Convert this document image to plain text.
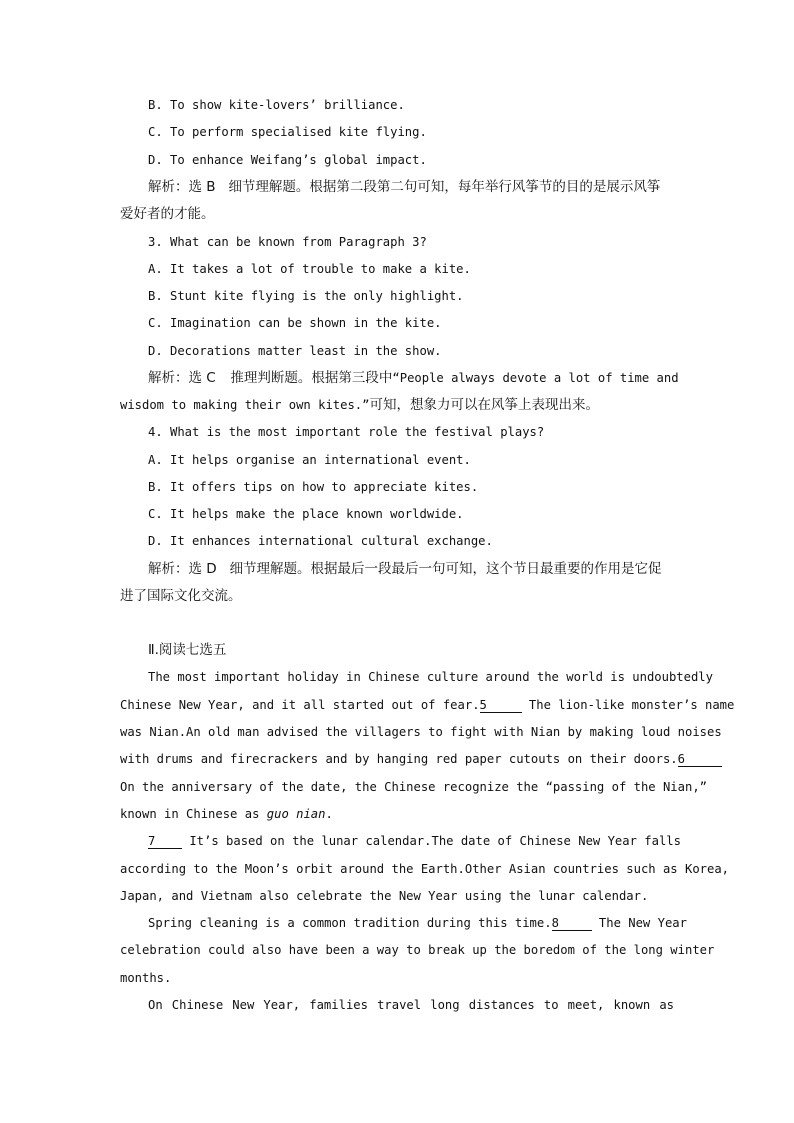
B. To show kite-lovers’ brilliance.
C. To perform specialised kite flying.
D. To enhance Weifang’s global impact.
解析：选 B 细节理解题。根据第二段第二句可知，每年举行风筝节的目的是展示风筝
爱好者的才能。
3. What can be known from Paragraph 3?
A. It takes a lot of trouble to make a kite.
B. Stunt kite flying is the only highlight.
C. Imagination can be shown in the kite.
D. Decorations matter least in the show.
解析：选 C 推理判断题。根据第三段中“People always devote a lot of time and
wisdom to making their own kites.”可知，想象力可以在风筝上表现出来。
4. What is the most important role the festival plays?
A. It helps organise an international event.
B. It offers tips on how to appreciate kites.
C. It helps make the place known worldwide.
D. It enhances international cultural exchange.
解析：选 D 细节理解题。根据最后一段最后一句可知，这个节日最重要的作用是它促
进了国际文化交流。
Ⅱ.阅读七选五
The most important holiday in Chinese culture around the world is undoubtedly
Chinese New Year, and it all started out of fear.5	The lion-like monster’s name
was Nian.An old man advised the villagers to fight with Nian by making loud noises
with drums and firecrackers and by hanging red paper cutouts on their doors.6
On the anniversary of the date, the Chinese recognize the “passing of the Nian,”
known in Chinese as guo nian.
7	It’s based on the lunar calendar.The date of Chinese New Year falls
according to the Moon’s orbit around the Earth.Other Asian countries such as Korea,
Japan, and Vietnam also celebrate the New Year using the lunar calendar.
Spring cleaning is a common tradition during this time.8	The New Year
celebration could also have been a way to break up the boredom of the long winter
months.
On Chinese New Year, families travel long distances to meet, known as
